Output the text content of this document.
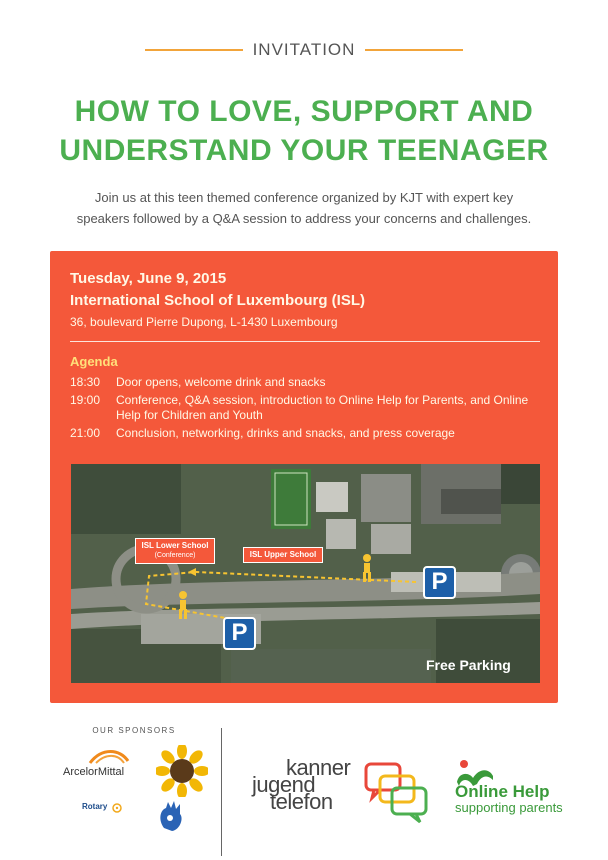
INVITATION
HOW TO LOVE, SUPPORT AND
UNDERSTAND YOUR TEENAGER
Join us at this teen themed conference organized by KJT with expert key
speakers followed by a Q&A session to address your concerns and challenges.
Tuesday, June 9, 2015
International School of Luxembourg (ISL)
36, boulevard Pierre Dupong, L-1430 Luxembourg
Agenda
18:30	Door opens, welcome drink and snacks
19:00	Conference, Q&A session, introduction to Online Help for Parents, and Online Help for Children and Youth
21:00	Conclusion, networking, drinks and snacks, and press coverage
ISL Lower School
(Conference)	ISL Upper School
P
P
Free Parking
OUR SPONSORS
ArcelorMittal
Rotary
kanner
jugend
telefon	Online Help
supporting parents
